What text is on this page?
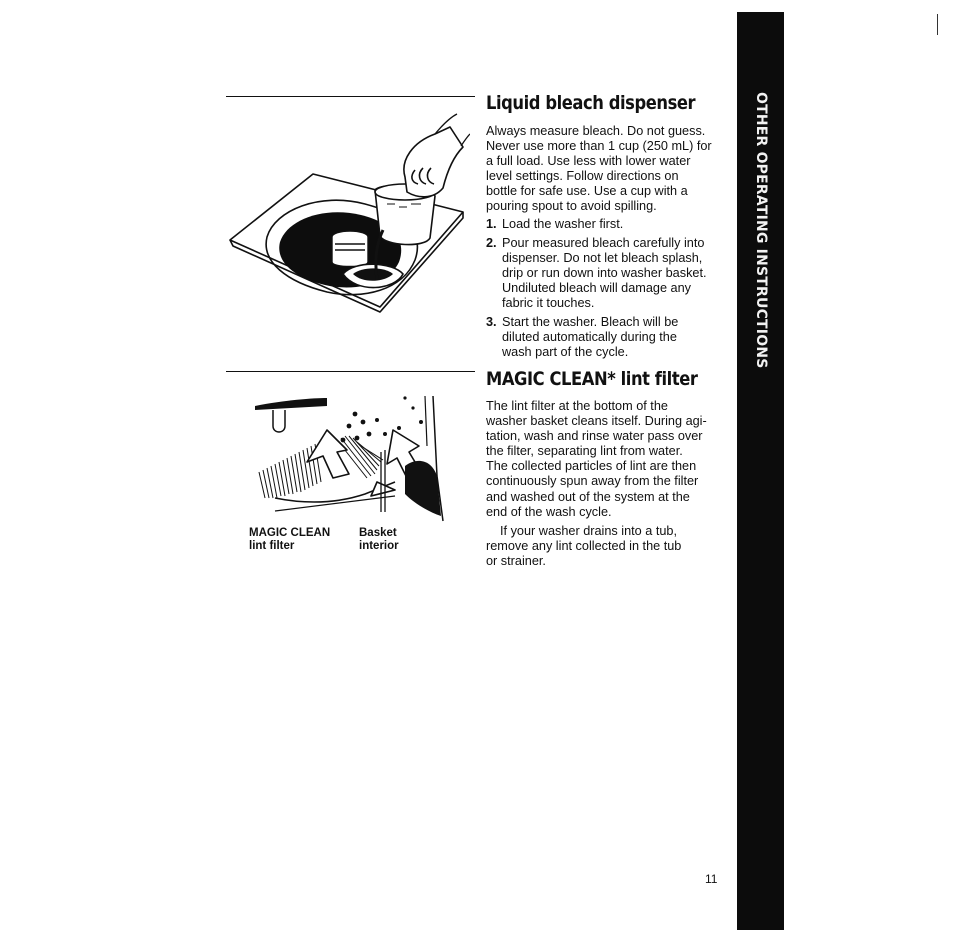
MAGIC CLEAN
lint filter
Basket
interior
Liquid bleach dispenser

Always measure bleach. Do not guess.

Never use more than 1 cup (250 mL) for

a full load. Use less with lower water

level settings. Follow directions on

bottle for safe use. Use a cup with a

pouring spout to avoid spilling.

1. Load the washer first.
2. Pour measured bleach carefully into
dispenser. Do not let bleach splash,
drip or run down into washer basket.
Undiluted bleach will damage any
fabric it touches.
3. Start the washer. Bleach will be
diluted automatically during the
wash part of the cycle.
MAGIC CLEAN* lint filter

The lint filter at the bottom of the

washer basket cleans itself. During agi-

tation, wash and rinse water pass over

the filter, separating lint from water.

The collected particles of lint are then

continuously spun away from the filter

and washed out of the system at the

end of the wash cycle.

If your washer drains into a tub,

remove any lint collected in the tub

or strainer.

OTHER OPERATING INSTRUCTIONS
11
